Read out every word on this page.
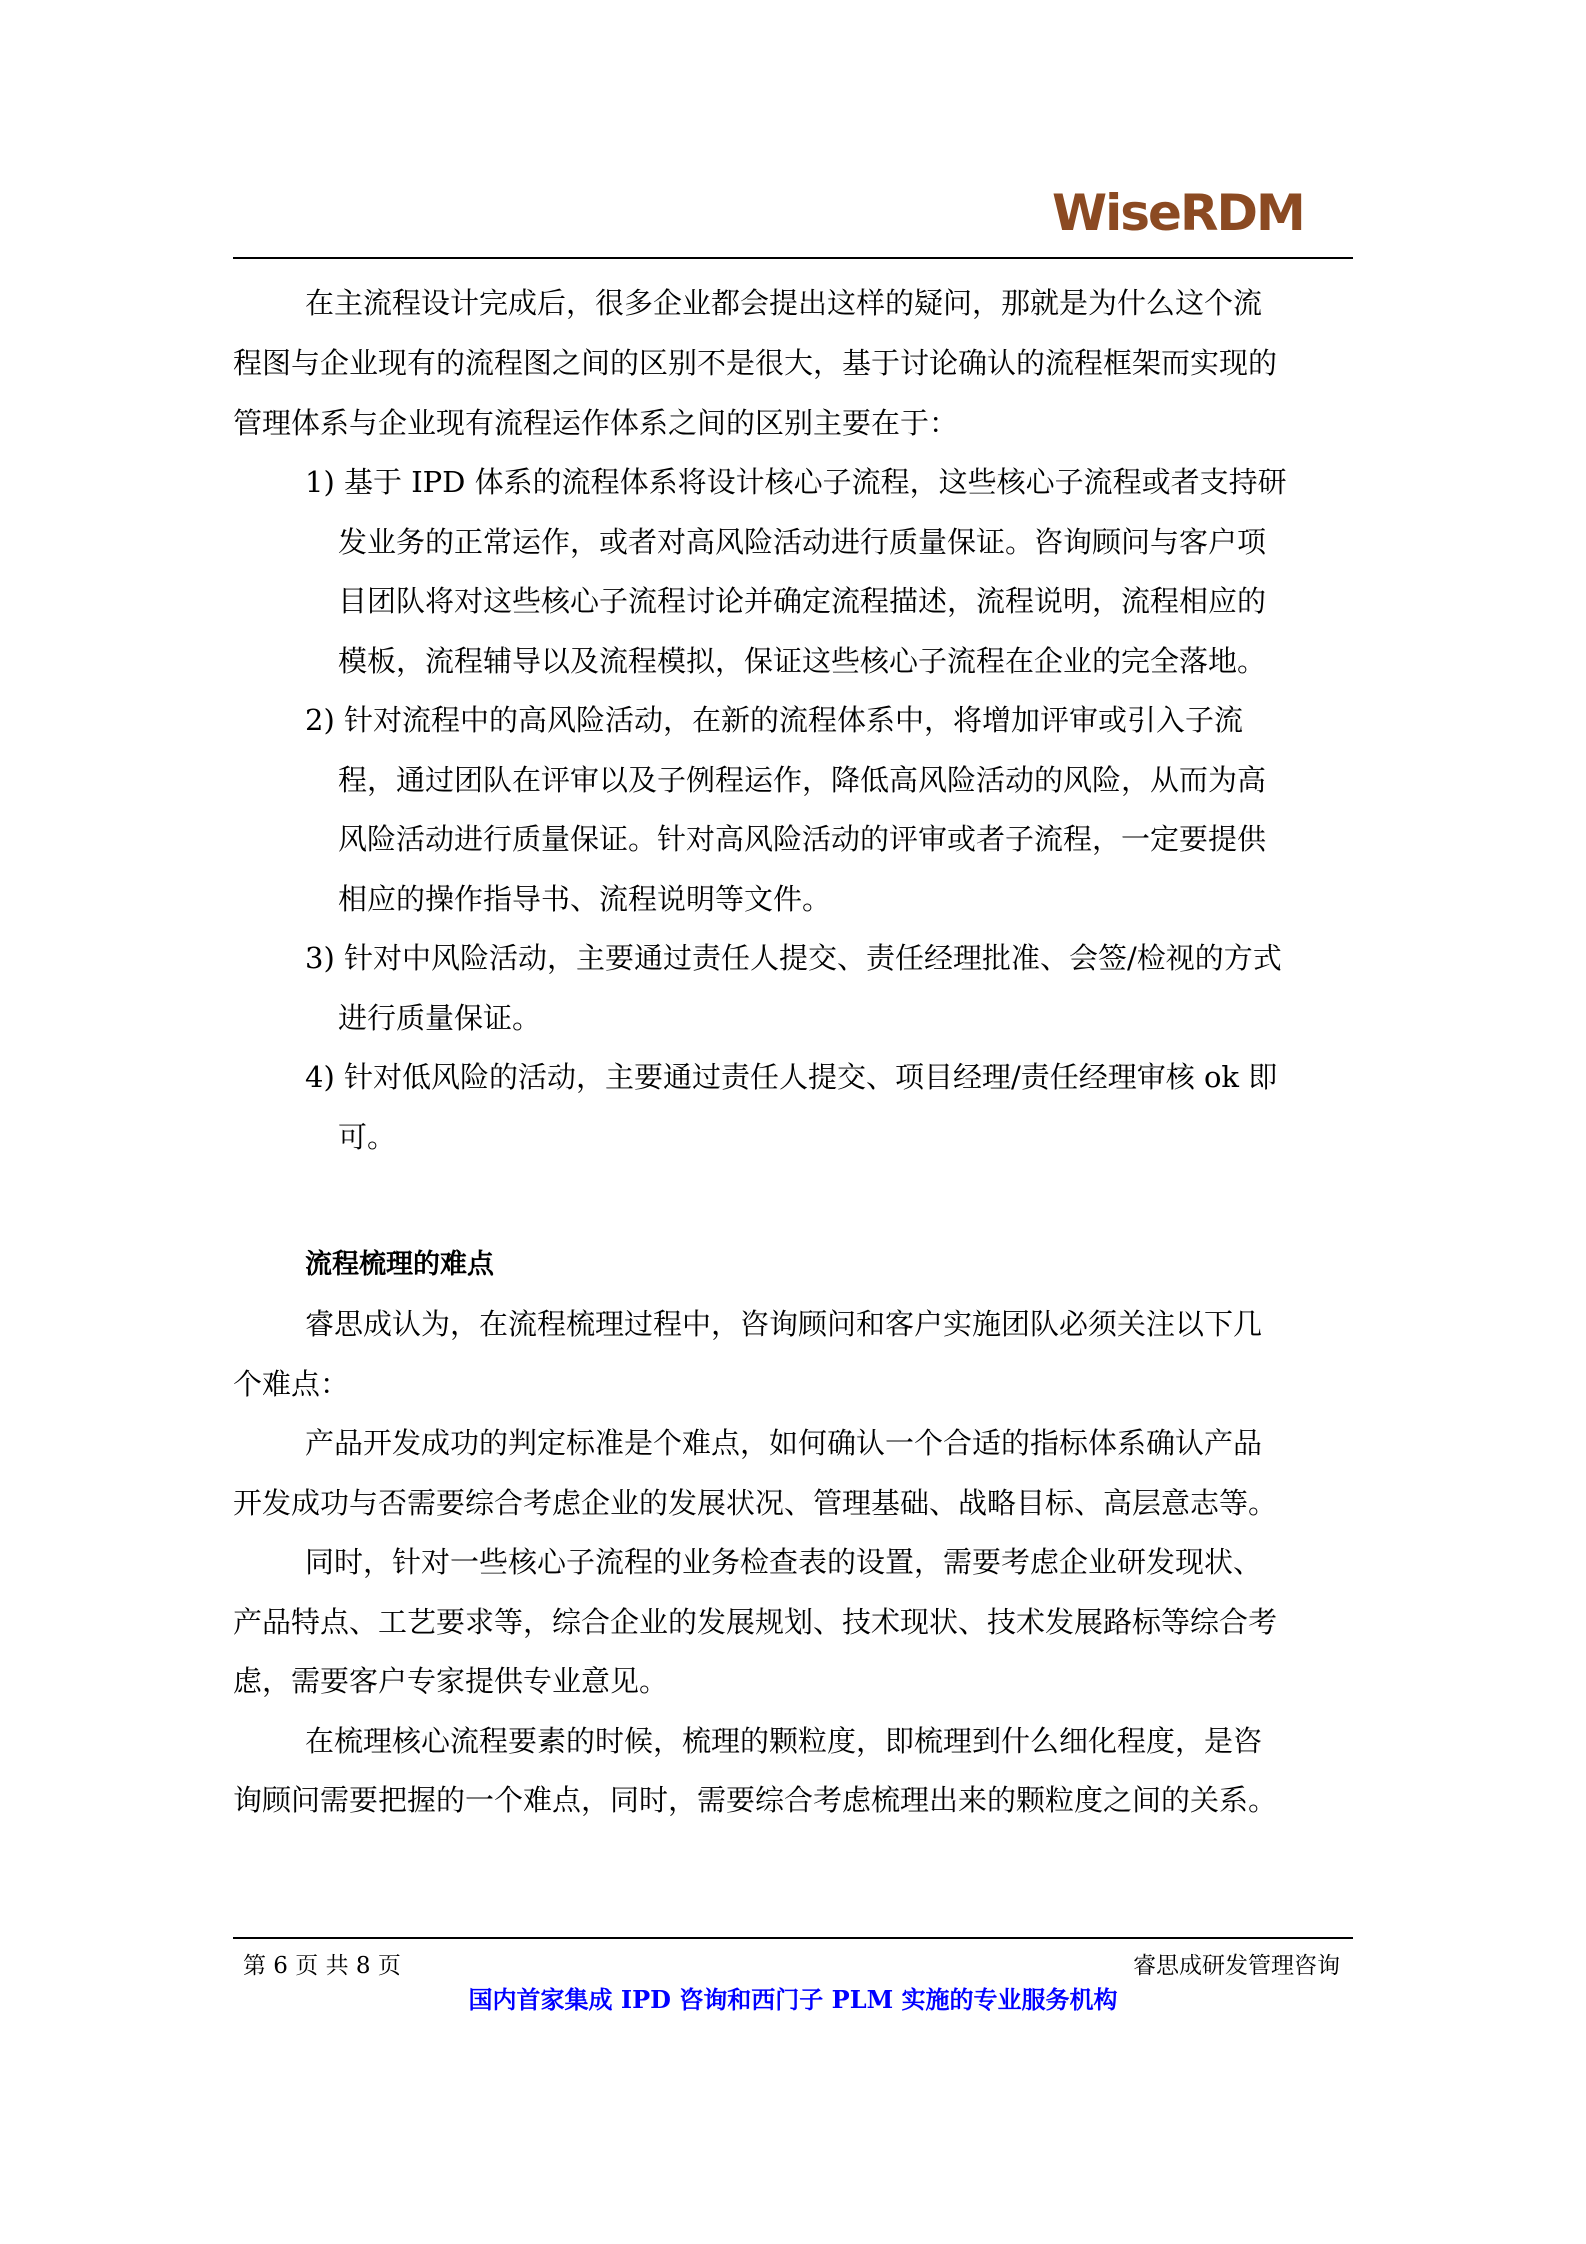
WiseRDM
在主流程设计完成后，很多企业都会提出这样的疑问，那就是为什么这个流
程图与企业现有的流程图之间的区别不是很大，基于讨论确认的流程框架而实现的
管理体系与企业现有流程运作体系之间的区别主要在于：
1) 基于 IPD 体系的流程体系将设计核心子流程，这些核心子流程或者支持研
发业务的正常运作，或者对高风险活动进行质量保证。咨询顾问与客户项
目团队将对这些核心子流程讨论并确定流程描述，流程说明，流程相应的
模板，流程辅导以及流程模拟，保证这些核心子流程在企业的完全落地。
2) 针对流程中的高风险活动，在新的流程体系中，将增加评审或引入子流
程，通过团队在评审以及子例程运作，降低高风险活动的风险，从而为高
风险活动进行质量保证。针对高风险活动的评审或者子流程，一定要提供
相应的操作指导书、流程说明等文件。
3) 针对中风险活动，主要通过责任人提交、责任经理批准、会签/检视的方式
进行质量保证。
4) 针对低风险的活动，主要通过责任人提交、项目经理/责任经理审核 ok 即
可。
流程梳理的难点
睿思成认为，在流程梳理过程中，咨询顾问和客户实施团队必须关注以下几
个难点：
产品开发成功的判定标准是个难点，如何确认一个合适的指标体系确认产品
开发成功与否需要综合考虑企业的发展状况、管理基础、战略目标、高层意志等。
同时，针对一些核心子流程的业务检查表的设置，需要考虑企业研发现状、
产品特点、工艺要求等，综合企业的发展规划、技术现状、技术发展路标等综合考
虑，需要客户专家提供专业意见。
在梳理核心流程要素的时候，梳理的颗粒度，即梳理到什么细化程度，是咨
询顾问需要把握的一个难点，同时，需要综合考虑梳理出来的颗粒度之间的关系。
第 6 页 共 8 页	睿思成研发管理咨询
国内首家集成 IPD 咨询和西门子 PLM 实施的专业服务机构
